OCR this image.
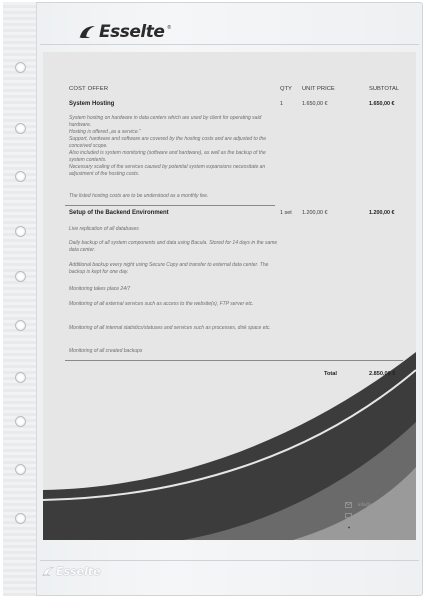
Esselte ®
COST OFFER	QTY UNIT PRICE	SUBTOTAL
System Hosting	1	1.650,00 €	1.650,00 €
System hosting on hardware in data centers which are used by client for operating said hardware.
Hosting is offered „as a service.“
Support, hardware and software are covered by the hosting costs and are adjusted to the conceived scope.
Also included is system monitoring (software and hardware), as well as the backup of the system contents.
Necessary scaling of the services caused by potential system expansions necessitate an adjustment of the hosting costs.
The listed hosting costs are to be understood as a monthly fee.
Setup of the Backend Environment	1 set 1.200,00 €	1.200,00 €
Live replication of all databases
Daily backup of all system components and data using Bacula. Stored for 14 days in the same data center.
Additional backup every night using Secure Copy and transfer to external data center. The backup is kept for one day.
Monitoring takes place 24/7
Monitoring of all external services such as access to the website(s), FTP server etc.
Monitoring of all internal statistics/statuses and services such as processes, disk space etc.
Monitoring of all created backups
Total	2.850,00 €
info@esselte.com
www.esselte.com
City Street 23
Esselte
